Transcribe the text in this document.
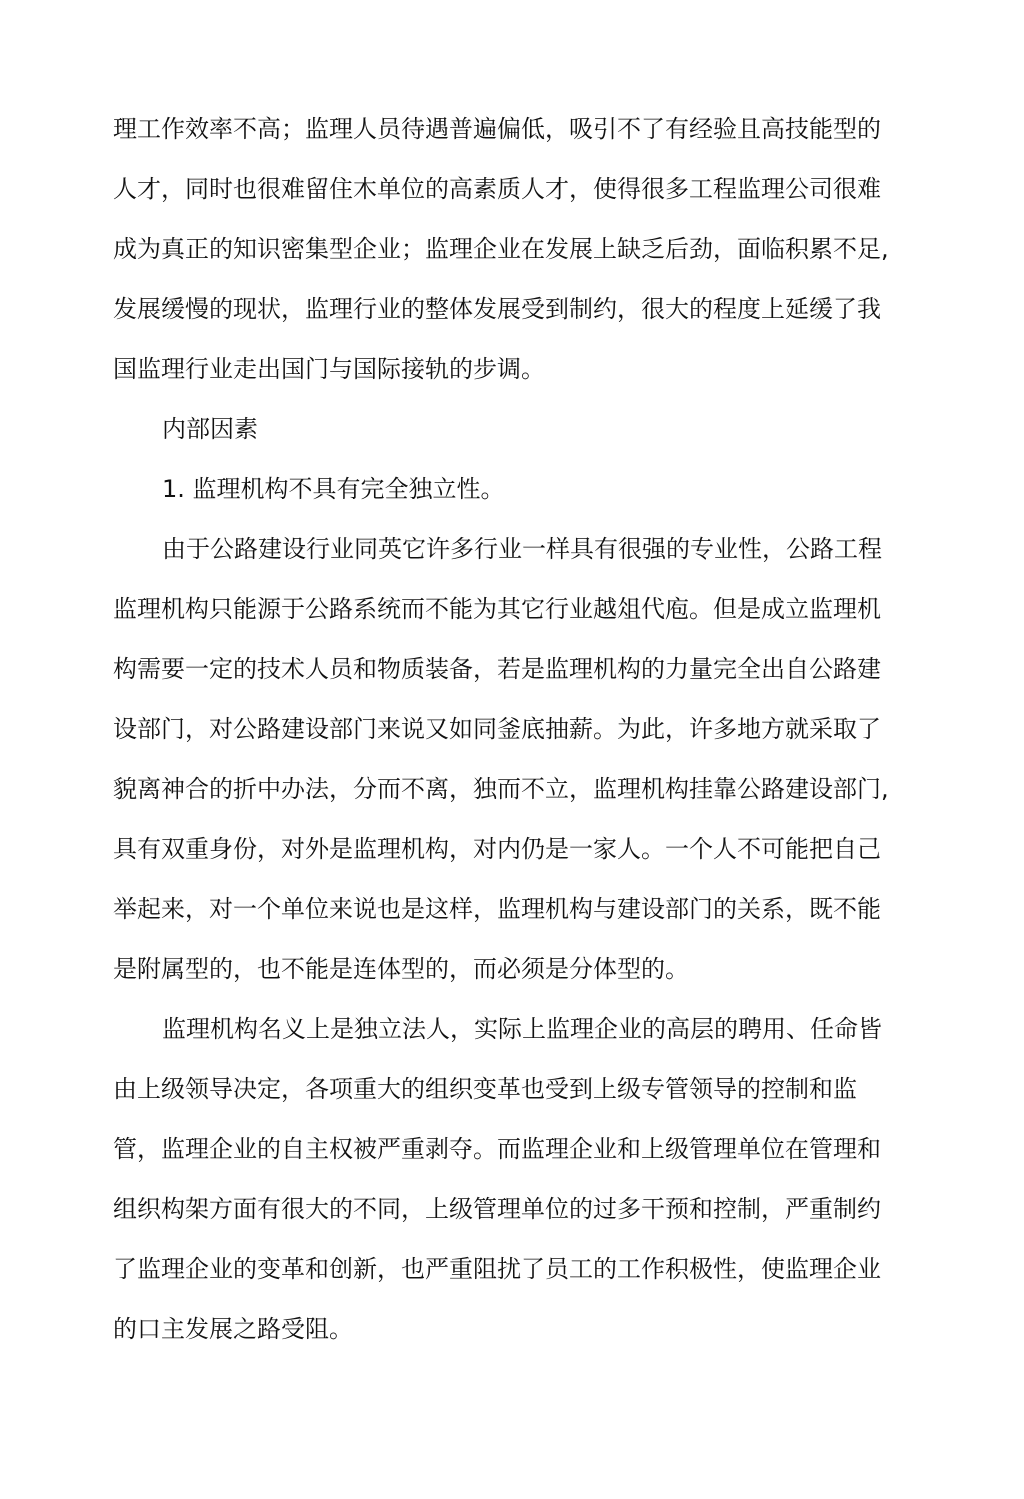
理工作效率不高；监理人员待遇普遍偏低，吸引不了有经验且高技能型的
人才，同时也很难留住木单位的高素质人才，使得很多工程监理公司很难
成为真正的知识密集型企业；监理企业在发展上缺乏后劲，面临积累不足,
发展缓慢的现状，监理行业的整体发展受到制约，很大的程度上延缓了我
国监理行业走出国门与国际接轨的步调。
内部因素
1. 监理机构不具有完全独立性。
由于公路建设行业同英它许多行业一样具有很强的专业性，公路工程
监理机构只能源于公路系统而不能为其它行业越俎代庖。但是成立监理机
构需要一定的技术人员和物质装备，若是监理机构的力量完全出自公路建
设部门，对公路建设部门来说又如同釜底抽薪。为此，许多地方就采取了
貌离神合的折中办法，分而不离，独而不立，监理机构挂靠公路建设部门,
具有双重身份，对外是监理机构，对内仍是一家人。一个人不可能把自己
举起来，对一个单位来说也是这样，监理机构与建设部门的关系，既不能
是附属型的，也不能是连体型的，而必须是分体型的。
监理机构名义上是独立法人，实际上监理企业的高层的聘用、任命皆
由上级领导决定，各项重大的组织变革也受到上级专管领导的控制和监
管，监理企业的自主权被严重剥夺。而监理企业和上级管理单位在管理和
组织构架方面有很大的不同，上级管理单位的过多干预和控制，严重制约
了监理企业的变革和创新，也严重阻扰了员工的工作积极性，使监理企业
的口主发展之路受阻。
